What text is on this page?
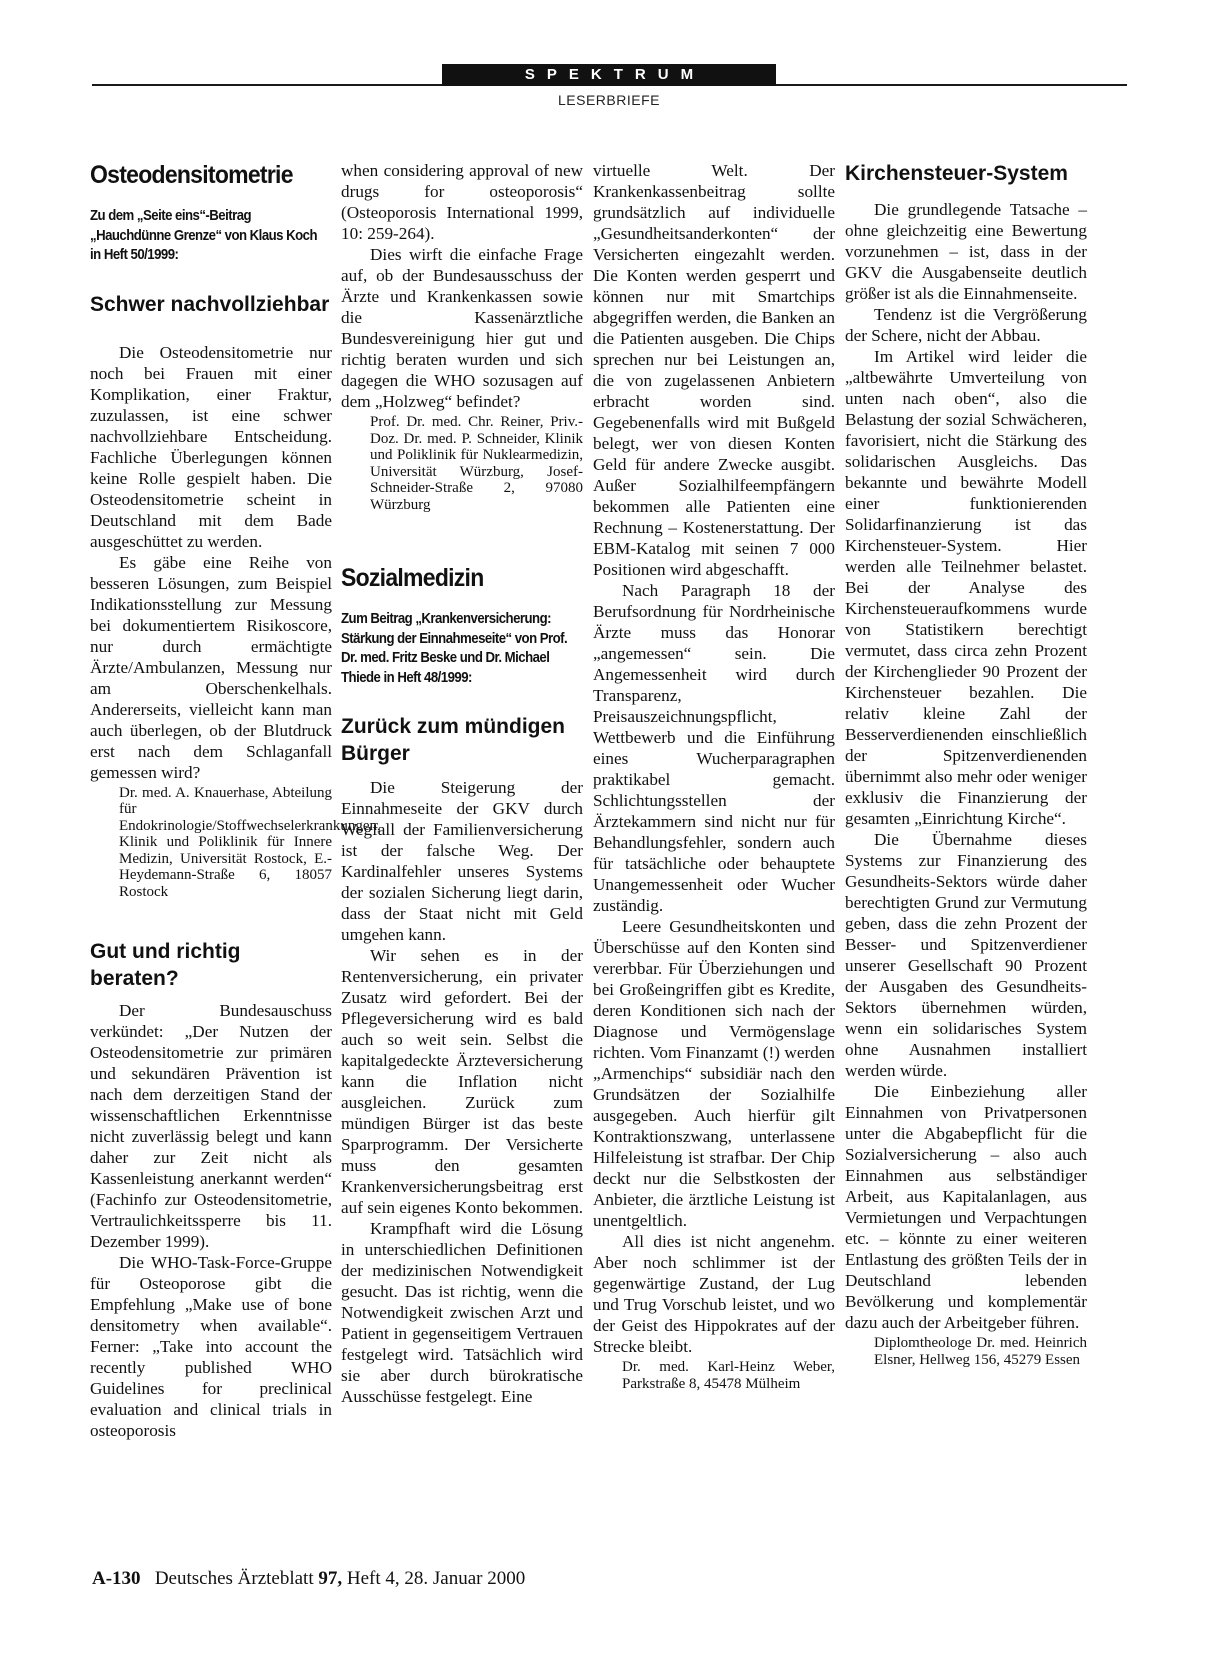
SPEKTRUM
LESERBRIEFE
Osteodensitometrie
Zu dem „Seite eins“-Beitrag „Hauchdünne Grenze“ von Klaus Koch in Heft 50/1999:
Schwer nachvollziehbar

Die Osteodensitometrie nur noch bei Frauen mit einer Komplikation, einer Fraktur, zuzulassen, ist eine schwer nachvollziehbare Entscheidung. Fachliche Überlegungen können keine Rolle gespielt haben. Die Osteodensitometrie scheint in Deutschland mit dem Bade ausgeschüttet zu werden.

Es gäbe eine Reihe von besseren Lösungen, zum Beispiel Indikationsstellung zur Messung bei dokumentiertem Risikoscore, nur durch ermächtigte Ärzte/Ambulanzen, Messung nur am Oberschenkelhals. Andererseits, vielleicht kann man auch überlegen, ob der Blutdruck erst nach dem Schlaganfall gemessen wird?

Dr. med. A. Knauerhase, Abteilung für Endokrinologie/Stoffwechselerkrankungen, Klinik und Poliklinik für Innere Medizin, Universität Rostock, E.-Heydemann-Straße 6, 18057 Rostock
Gut und richtig beraten?

Der Bundesauschuss verkündet: „Der Nutzen der Osteodensitometrie zur primären und sekundären Prävention ist nach dem derzeitigen Stand der wissenschaftlichen Erkenntnisse nicht zuverlässig belegt und kann daher zur Zeit nicht als Kassenleistung anerkannt werden“ (Fachinfo zur Osteodensitometrie, Vertraulichkeitssperre bis 11. Dezember 1999).

Die WHO-Task-Force-Gruppe für Osteoporose gibt die Empfehlung „Make use of bone densitometry when available“. Ferner: „Take into account the recently published WHO Guidelines for preclinical evaluation and clinical trials in osteoporosis

when considering approval of new drugs for osteoporosis“ (Osteoporosis International 1999, 10: 259-264).

Dies wirft die einfache Frage auf, ob der Bundesausschuss der Ärzte und Krankenkassen sowie die Kassenärztliche Bundesvereinigung hier gut und richtig beraten wurden und sich dagegen die WHO sozusagen auf dem „Holzweg“ befindet?

Prof. Dr. med. Chr. Reiner, Priv.-Doz. Dr. med. P. Schneider, Klinik und Poliklinik für Nuklearmedizin, Universität Würzburg, Josef-Schneider-Straße 2, 97080 Würzburg
Sozialmedizin
Zum Beitrag „Krankenversicherung: Stärkung der Einnahmeseite“ von Prof. Dr. med. Fritz Beske und Dr. Michael Thiede in Heft 48/1999:
Zurück zum mündigen Bürger

Die Steigerung der Einnahmeseite der GKV durch Wegfall der Familienversicherung ist der falsche Weg. Der Kardinalfehler unseres Systems der sozialen Sicherung liegt darin, dass der Staat nicht mit Geld umgehen kann.

Wir sehen es in der Rentenversicherung, ein privater Zusatz wird gefordert. Bei der Pflegeversicherung wird es bald auch so weit sein. Selbst die kapitalgedeckte Ärzteversicherung kann die Inflation nicht ausgleichen. Zurück zum mündigen Bürger ist das beste Sparprogramm. Der Versicherte muss den gesamten Krankenversicherungsbeitrag erst auf sein eigenes Konto bekommen.

Krampfhaft wird die Lösung in unterschiedlichen Definitionen der medizinischen Notwendigkeit gesucht. Das ist richtig, wenn die Notwendigkeit zwischen Arzt und Patient in gegenseitigem Vertrauen festgelegt wird. Tatsächlich wird sie aber durch bürokratische Ausschüsse festgelegt. Eine

virtuelle Welt. Der Krankenkassenbeitrag sollte grundsätzlich auf individuelle „Gesundheitsanderkonten“ der Versicherten eingezahlt werden. Die Konten werden gesperrt und können nur mit Smartchips abgegriffen werden, die Banken an die Patienten ausgeben. Die Chips sprechen nur bei Leistungen an, die von zugelassenen Anbietern erbracht worden sind. Gegebenenfalls wird mit Bußgeld belegt, wer von diesen Konten Geld für andere Zwecke ausgibt. Außer Sozialhilfeempfängern bekommen alle Patienten eine Rechnung – Kostenerstattung. Der EBM-Katalog mit seinen 7 000 Positionen wird abgeschafft.

Nach Paragraph 18 der Berufsordnung für Nordrheinische Ärzte muss das Honorar „angemessen“ sein. Die Angemessenheit wird durch Transparenz, Preisauszeichnungspflicht, Wettbewerb und die Einführung eines Wucherparagraphen praktikabel gemacht. Schlichtungsstellen der Ärztekammern sind nicht nur für Behandlungsfehler, sondern auch für tatsächliche oder behauptete Unangemessenheit oder Wucher zuständig.

Leere Gesundheitskonten und Überschüsse auf den Konten sind vererbbar. Für Überziehungen und bei Großeingriffen gibt es Kredite, deren Konditionen sich nach der Diagnose und Vermögenslage richten. Vom Finanzamt (!) werden „Armenchips“ subsidiär nach den Grundsätzen der Sozialhilfe ausgegeben. Auch hierfür gilt Kontraktionszwang, unterlassene Hilfeleistung ist strafbar. Der Chip deckt nur die Selbstkosten der Anbieter, die ärztliche Leistung ist unentgeltlich.

All dies ist nicht angenehm. Aber noch schlimmer ist der gegenwärtige Zustand, der Lug und Trug Vorschub leistet, und wo der Geist des Hippokrates auf der Strecke bleibt.

Dr. med. Karl-Heinz Weber, Parkstraße 8, 45478 Mülheim
Kirchensteuer-System

Die grundlegende Tatsache – ohne gleichzeitig eine Bewertung vorzunehmen – ist, dass in der GKV die Ausgabenseite deutlich größer ist als die Einnahmenseite.

Tendenz ist die Vergrößerung der Schere, nicht der Abbau.

Im Artikel wird leider die „altbewährte Umverteilung von unten nach oben“, also die Belastung der sozial Schwächeren, favorisiert, nicht die Stärkung des solidarischen Ausgleichs. Das bekannte und bewährte Modell einer funktionierenden Solidarfinanzierung ist das Kirchensteuer-System. Hier werden alle Teilnehmer belastet. Bei der Analyse des Kirchensteueraufkommens wurde von Statistikern berechtigt vermutet, dass circa zehn Prozent der Kirchenglieder 90 Prozent der Kirchensteuer bezahlen. Die relativ kleine Zahl der Besserverdienenden einschließlich der Spitzenverdienenden übernimmt also mehr oder weniger exklusiv die Finanzierung der gesamten „Einrichtung Kirche“.

Die Übernahme dieses Systems zur Finanzierung des Gesundheits-Sektors würde daher berechtigten Grund zur Vermutung geben, dass die zehn Prozent der Besser- und Spitzenverdiener unserer Gesellschaft 90 Prozent der Ausgaben des Gesundheits-Sektors übernehmen würden, wenn ein solidarisches System ohne Ausnahmen installiert werden würde.

Die Einbeziehung aller Einnahmen von Privatpersonen unter die Abgabepflicht für die Sozialversicherung – also auch Einnahmen aus selbständiger Arbeit, aus Kapitalanlagen, aus Vermietungen und Verpachtungen etc. – könnte zu einer weiteren Entlastung des größten Teils der in Deutschland lebenden Bevölkerung und komplementär dazu auch der Arbeitgeber führen.

Diplomtheologe Dr. med. Heinrich Elsner, Hellweg 156, 45279 Essen
A-130 Deutsches Ärzteblatt 97, Heft 4, 28. Januar 2000
